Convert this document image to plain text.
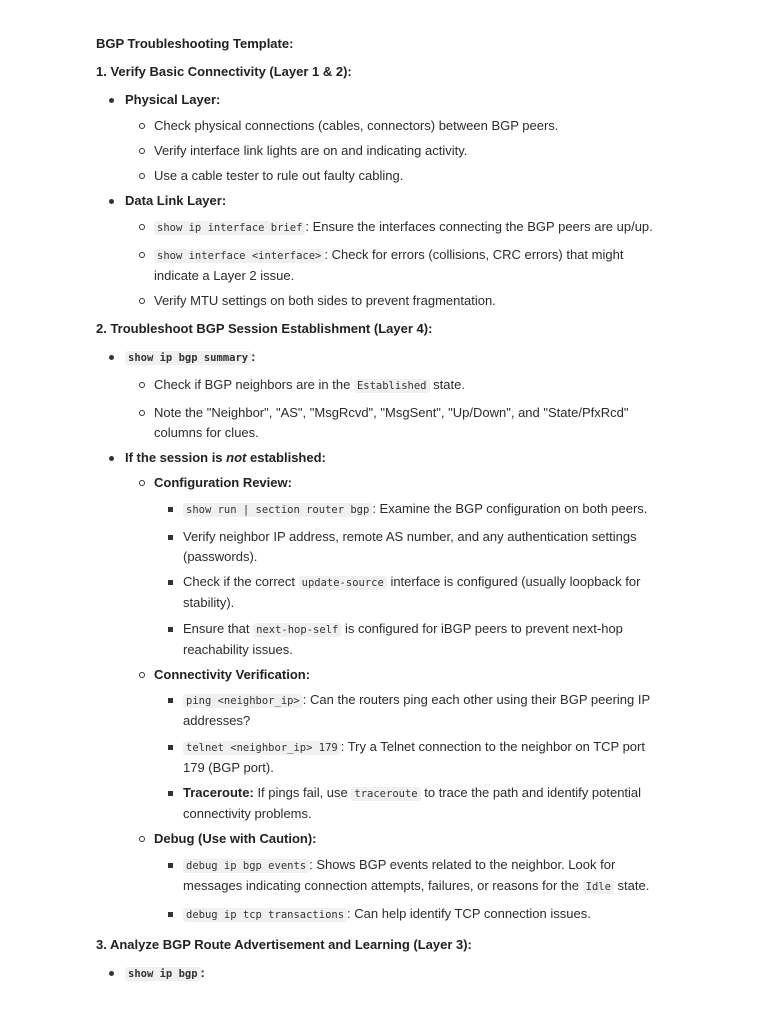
BGP Troubleshooting Template:
1. Verify Basic Connectivity (Layer 1 & 2):
Physical Layer:
Check physical connections (cables, connectors) between BGP peers.
Verify interface link lights are on and indicating activity.
Use a cable tester to rule out faulty cabling.
Data Link Layer:
show ip interface brief : Ensure the interfaces connecting the BGP peers are up/up.
show interface <interface> : Check for errors (collisions, CRC errors) that might
indicate a Layer 2 issue.
Verify MTU settings on both sides to prevent fragmentation.
2. Troubleshoot BGP Session Establishment (Layer 4):
show ip bgp summary :
Check if BGP neighbors are in the Established state.
Note the "Neighbor", "AS", "MsgRcvd", "MsgSent", "Up/Down", and "State/PfxRcd"
columns for clues.
If the session is not established:
Configuration Review:
show run | section router bgp : Examine the BGP configuration on both peers.
Verify neighbor IP address, remote AS number, and any authentication settings
(passwords).
Check if the correct update-source interface is configured (usually loopback for
stability).
Ensure that next-hop-self is configured for iBGP peers to prevent next-hop
reachability issues.
Connectivity Verification:
ping <neighbor_ip> : Can the routers ping each other using their BGP peering IP
addresses?
telnet <neighbor_ip> 179 : Try a Telnet connection to the neighbor on TCP port
179 (BGP port).
Traceroute: If pings fail, use traceroute to trace the path and identify potential
connectivity problems.
Debug (Use with Caution):
debug ip bgp events : Shows BGP events related to the neighbor. Look for
messages indicating connection attempts, failures, or reasons for the Idle state.
debug ip tcp transactions : Can help identify TCP connection issues.
3. Analyze BGP Route Advertisement and Learning (Layer 3):
show ip bgp :
